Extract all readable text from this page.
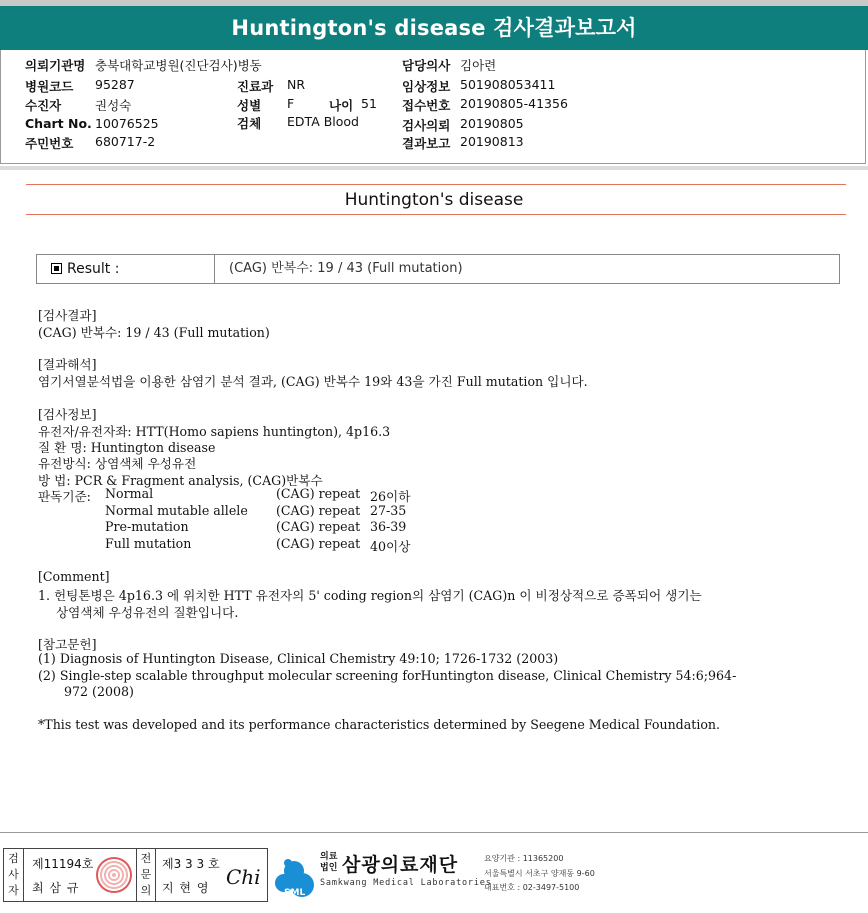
Huntington's disease 검사결과보고서
의뢰기관명 충북대학교병원(진단검사)병동
병원코드 95287
수진자	권성숙
Chart No. 10076525
주민번호 680717-2
진료과 NR
성별 F	나이 51
검체 EDTA Blood
담당의사 김아련
임상정보 501908053411
접수번호 20190805-41356
검사의뢰 20190805
결과보고 20190813
Huntington's disease
Result :	(CAG) 반복수: 19 / 43 (Full mutation)
[검사결과]
(CAG) 반복수: 19 / 43 (Full mutation)
[결과해석]
염기서열분석법을 이용한 삼염기 분석 결과, (CAG) 반복수 19와 43을 가진 Full mutation 입니다.
[검사정보]
유전자/유전자좌: HTT(Homo sapiens huntington), 4p16.3
질 환 명: Huntington disease
유전방식: 상염색체 우성유전
방 법: PCR & Fragment analysis, (CAG)반복수
판독기준: Normal	(CAG) repeat 26이하
Normal mutable allele (CAG) repeat 27-35
Pre-mutation	(CAG) repeat 36-39
Full mutation	(CAG) repeat 40이상
[Comment]
1. 헌팅톤병은 4p16.3 에 위치한 HTT 유전자의 5' coding region의 삼염기 (CAG)n 이 비정상적으로 증폭되어 생기는
상염색체 우성유전의 질환입니다.
[참고문헌]
(1) Diagnosis of Huntington Disease, Clinical Chemistry 49:10; 1726-1732 (2003)
(2) Single-step scalable throughput molecular screening forHuntington disease, Clinical Chemistry 54:6;964-
972 (2008)
*This test was developed and its performance characteristics determined by Seegene Medical Foundation.
검
사
자
제11194호
최 삼 규
전
문
의
제3 3 3 호
지 현 영 Chi
SML
의료
법인 삼광의료재단
Samkwang Medical Laboratories
요양기관 : 11365200
서울특별시 서초구 양재동 9-60
대표번호 : 02-3497-5100
